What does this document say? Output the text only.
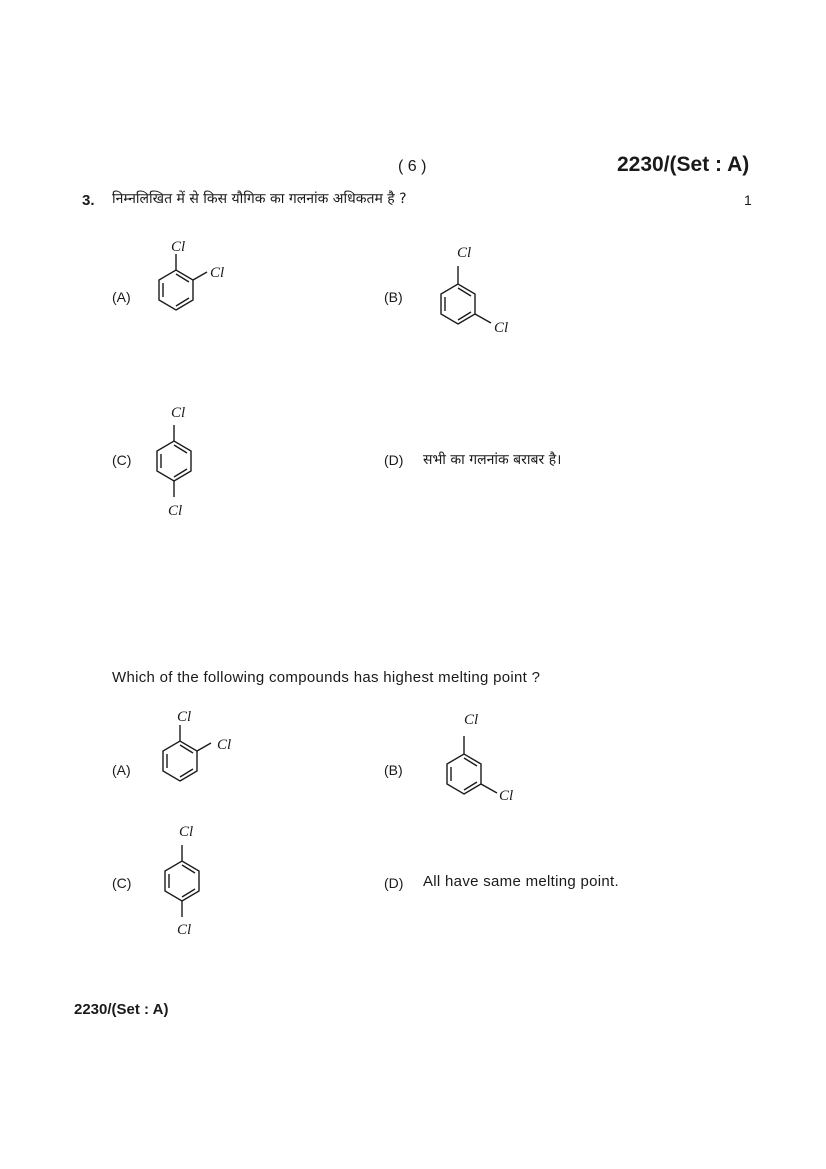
( 6 )	2230/(Set : A)
3. निम्नलिखित में से किस यौगिक का गलनांक अधिकतम है ?	1
(A)
Cl
Cl
(B)
Cl
Cl
(C)
Cl
Cl
(D) सभी का गलनांक बराबर है।
Which of the following compounds has highest melting point ?
(A)
Cl
Cl
(B)
Cl
Cl
(C)
Cl
Cl
(D) All have same melting point.
2230/(Set : A)
